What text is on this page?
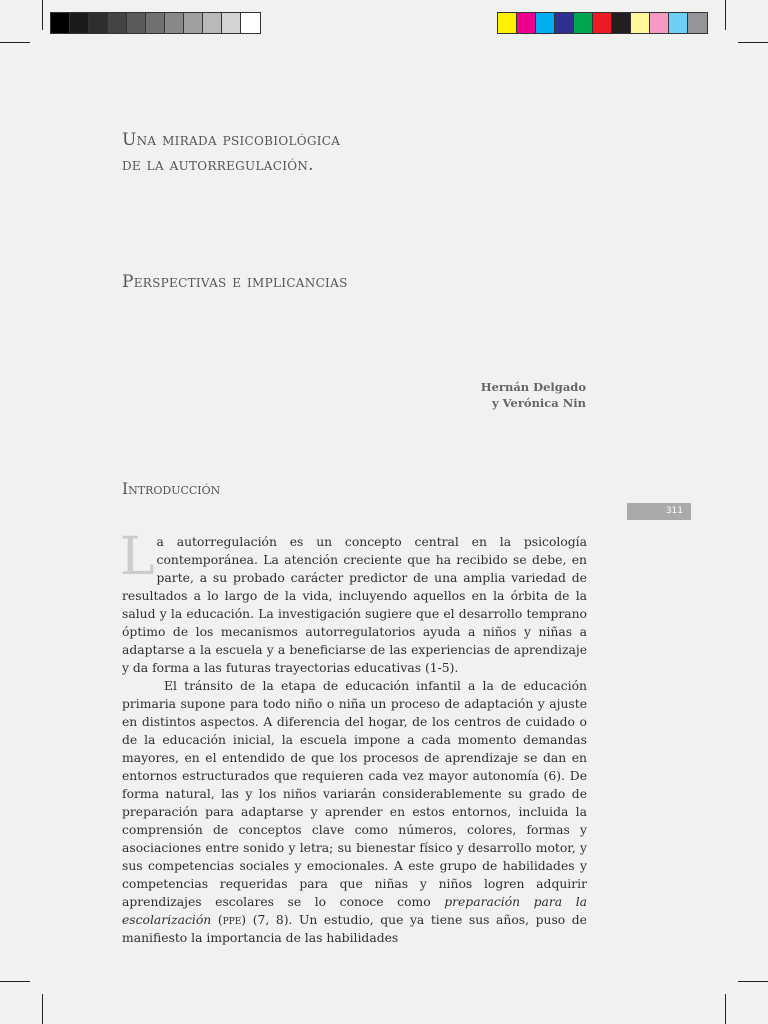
Una mirada psicobiológica
de la autorregulación.
Perspectivas e implicancias
Hernán Delgado
y Verónica Nin
Introducción
311

La autorregulación es un concepto central en la psicología contemporánea. La atención creciente que ha recibido se debe, en parte, a su probado carácter predictor de una amplia variedad de resultados a lo largo de la vida, incluyendo aquellos en la órbita de la salud y la educación. La investigación sugiere que el desarrollo temprano óptimo de los mecanismos autorregulatorios ayuda a niños y niñas a adaptarse a la escuela y a beneficiarse de las experiencias de aprendizaje y da forma a las futuras trayectorias educativas (1-5).

El tránsito de la etapa de educación infantil a la de educación primaria supone para todo niño o niña un proceso de adaptación y ajuste en distintos aspectos. A diferencia del hogar, de los centros de cuidado o de la educación inicial, la escuela impone a cada momento demandas mayores, en el entendido de que los procesos de aprendizaje se dan en entornos estructurados que requieren cada vez mayor autonomía (6). De forma natural, las y los niños variarán considerablemente su grado de preparación para adaptarse y aprender en estos entornos, incluida la comprensión de conceptos clave como números, colores, formas y asociaciones entre sonido y letra; su bienestar físico y desarrollo motor, y sus competencias sociales y emocionales. A este grupo de habilidades y competencias requeridas para que niñas y niños logren adquirir aprendizajes escolares se lo conoce como preparación para la escolarización (ppe) (7, 8). Un estudio, que ya tiene sus años, puso de manifiesto la importancia de las habilidades
